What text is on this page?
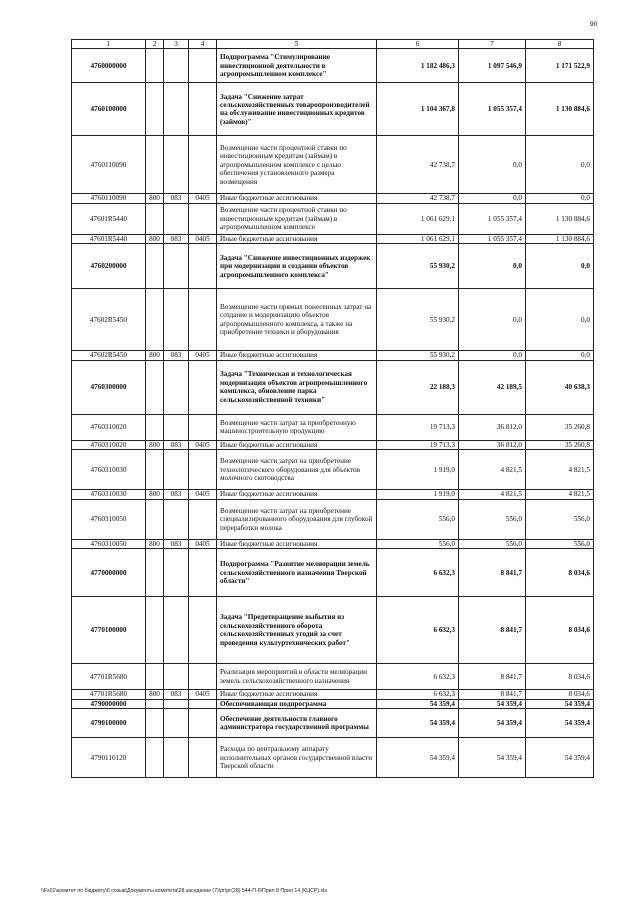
90
1	2	3	4	5	6	7	8
4760000000				Подпрограмма "Стимулирование инвестиционной деятельности в агропромышленном комплексе"	1 182 486,3	1 097 546,9	1 171 522,9
4760100000				Задача "Снижение затрат сельскохозяйственных товаропроизводителей на обслуживание инвестиционных кредитов (займов)"	1 104 367,8	1 055 357,4	1 130 884,6
4760110090				Возмещение части процентной ставки по инвестиционным кредитам (займам) в агропромышленном комплексе с целью обеспечения установленного размера возмещения	42 738,7	0,0	0,0
4760110090	800	083	0405	Иные бюджетные ассигнования	42 738,7	0,0	0,0
47601R5440				Возмещение части процентной ставки по инвестиционным кредитам (займам) в агропромышленном комплексе	1 061 629,1	1 055 357,4	1 130 884,6
47601R5440	800	083	0405	Иные бюджетные ассигнования	1 061 629,1	1 055 357,4	1 130 884,6
4760200000				Задача "Снижение инвестиционных издержек при модернизации и создании объектов агропромышленного комплекса"	55 930,2	0,0	0,0
47602R5450				Возмещение части прямых понесенных затрат на создание и модернизацию объектов агропромышленного комплекса, а также на приобретение техники и оборудования	55 930,2	0,0	0,0
47602R5450	800	083	0405	Иные бюджетные ассигнования	55 930,2	0,0	0,0
4760300000				Задача "Техническая и технологическая модернизация объектов агропромышленного комплекса, обновление парка сельскохозяйственной техники"	22 188,3	42 189,5	40 638,3
4760310020				Возмещение части затрат за приобретенную машиностроительную продукцию	19 713,3	36 812,0	35 260,8
4760310020	800	083	0405	Иные бюджетные ассигнования	19 713,3	36 812,0	35 260,8
4760310030				Возмещение части затрат на приобретение технологического оборудования для объектов молочного скотоводства	1 919,0	4 821,5	4 821,5
4760310030	800	083	0405	Иные бюджетные ассигнования	1 919,0	4 821,5	4 821,5
4760310050				Возмещение части затрат на приобретение специализированного оборудования для глубокой переработки молока	556,0	556,0	556,0
4760310050	800	083	0405	Иные бюджетные ассигнования	556,0	556,0	556,0
4770000000				Подпрограмма "Развитие мелиорации земель сельскохозяйственного назначения Тверской области"	6 632,3	8 841,7	8 034,6
4770100000				Задача "Предотвращение выбытия из сельскохозяйственного оборота сельскохозяйственных угодий за счет проведения культуртехнических работ"	6 632,3	8 841,7	8 034,6
47701R5680				Реализация мероприятий в области мелиорации земель сельскохозяйственного назначения	6 632,3	8 841,7	8 034,6
47701R5680	800	083	0405	Иные бюджетные ассигнования	6 632,3	8 841,7	8 034,6
4790000000				Обеспечивающая подпрограмма	54 359,4	54 359,4	54 359,4
4790100000				Обеспечение деятельности главного администратора государственной программы	54 359,4	54 359,4	54 359,4
4790110120				Расходы по центральному аппарату исполнительных органов государственной власти Тверской области	54 359,4	54 359,4	54 359,4
\\Fs01\комитет по бюджету\6 созыв\Документы комитета\28 заседание (7)\рг\рг(28) 544-П-6\Прил 8 Прил 14 (КЦСР).xls
